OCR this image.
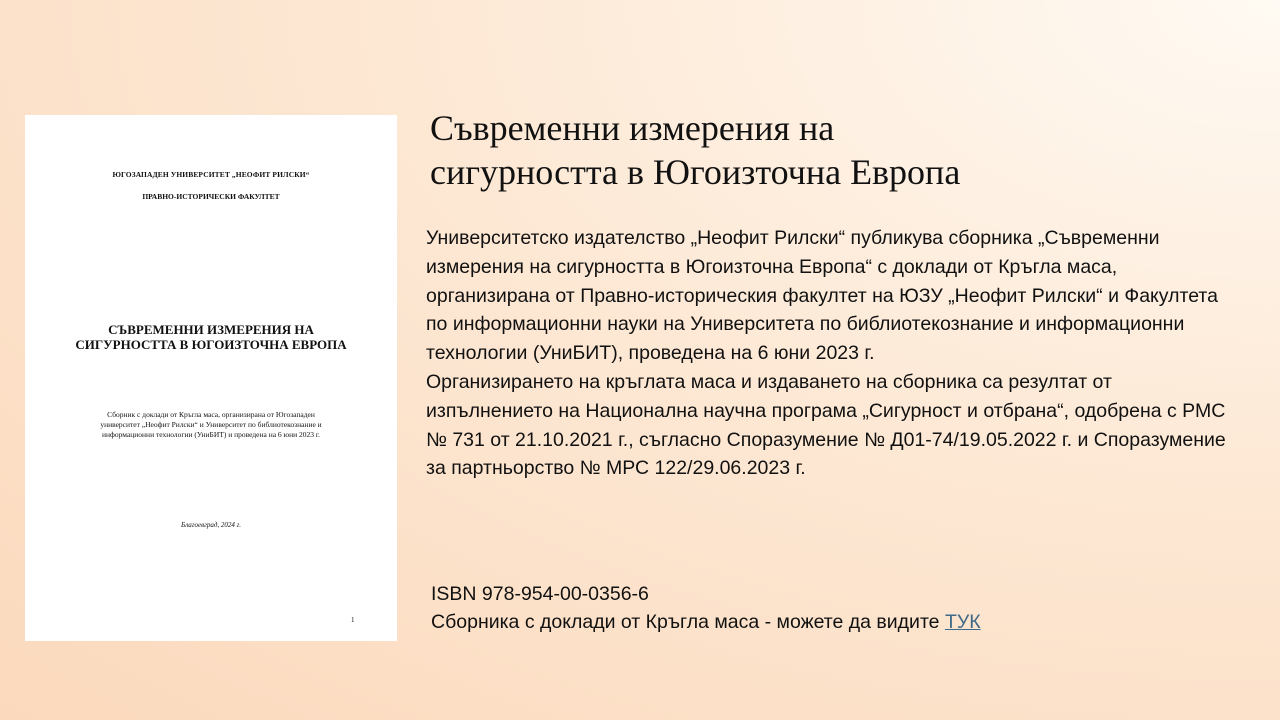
ЮГОЗАПАДЕН УНИВЕРСИТЕТ „НЕОФИТ РИЛСКИ“
ПРАВНО-ИСТОРИЧЕСКИ ФАКУЛТЕТ
СЪВРЕМЕННИ ИЗМЕРЕНИЯ НА
СИГУРНОСТТА В ЮГОИЗТОЧНА ЕВРОПА
Сборник с доклади от Кръгла маса, организирана от Югозападен
университет „Неофит Рилски“ и Университет по библиотекознание и
информационни технологии (УниБИТ) и проведена на 6 юни 2023 г.
Благоевград, 2024 г.
1
Съвременни измерения на
сигурността в Югоизточна Европа

Университетско издателство „Неофит Рилски“ публикува сборника „Съвременни измерения на сигурността в Югоизточна Европа“ с доклади от Кръгла маса, организирана от Правно-историческия факултет на ЮЗУ „Неофит Рилски“ и Факултета по информационни науки на Университета по библиотекознание и информационни технологии (УниБИТ), проведена на 6 юни 2023 г.

Организирането на кръглата маса и издаването на сборника са резултат от изпълнението на Национална научна програма „Сигурност и отбрана“, одобрена с РМС № 731 от 21.10.2021 г., съгласно Споразумение № Д01-74/19.05.2022 г. и Споразумение за партньорство № МРС 122/29.06.2023 г.

ISBN 978-954-00-0356-6
Сборника с доклади от Кръгла маса - можете да видите ТУК
